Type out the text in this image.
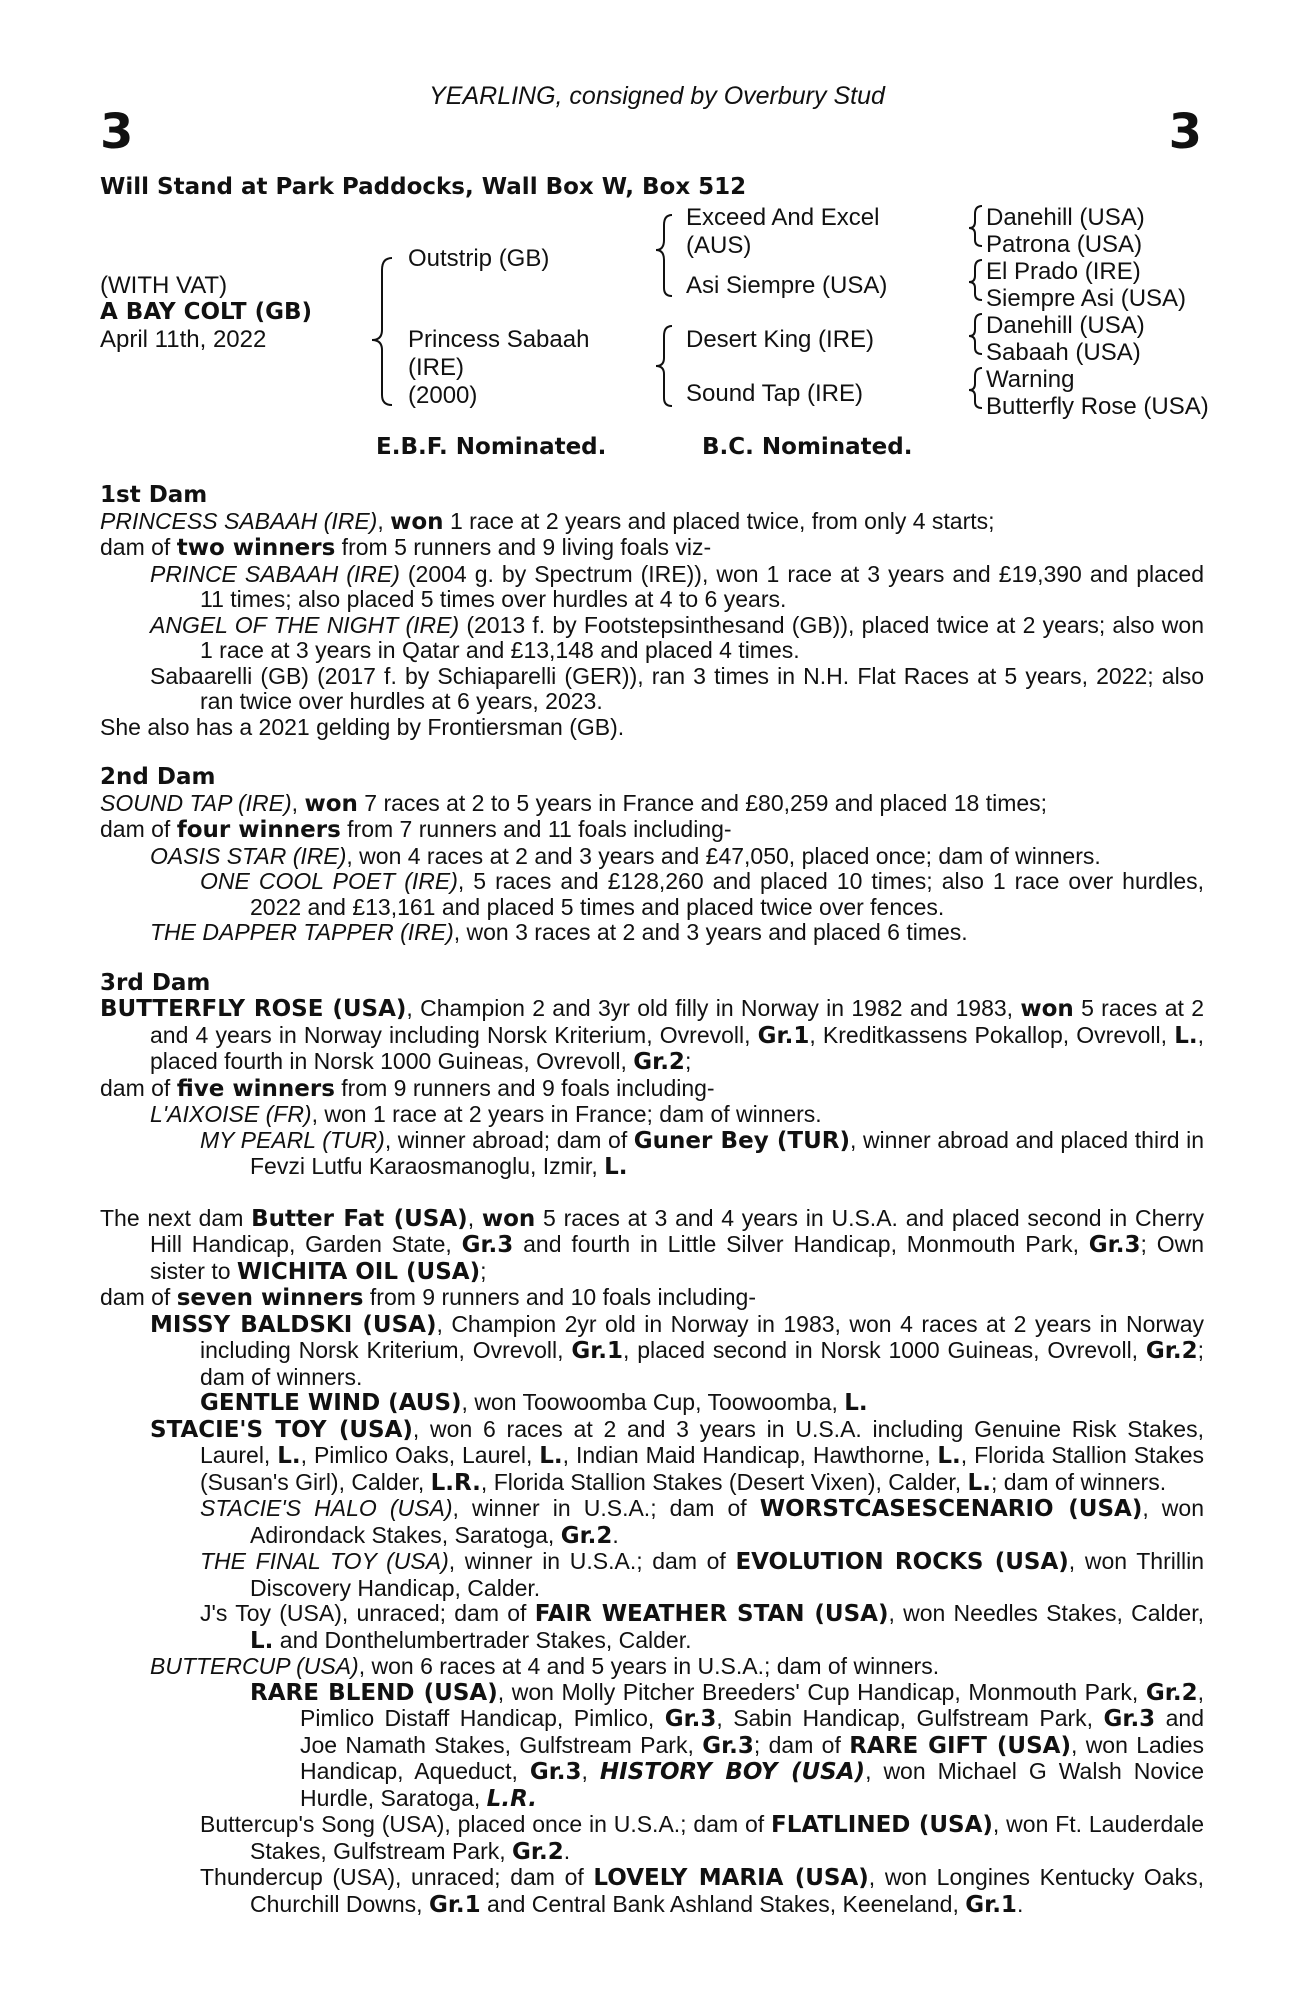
YEARLING, consigned by Overbury Stud
3	3
Will Stand at Park Paddocks, Wall Box W, Box 512
(WITH VAT)
A BAY COLT (GB)
April 11th, 2022
Outstrip (GB)
Princess Sabaah
(IRE)
(2000)
Exceed And Excel
(AUS)
Asi Siempre (USA)
Desert King (IRE)
Sound Tap (IRE)
Danehill (USA)
Patrona (USA)
El Prado (IRE)
Siempre Asi (USA)
Danehill (USA)
Sabaah (USA)
Warning
Butterfly Rose (USA)
E.B.F. Nominated.	B.C. Nominated.

1st Dam

PRINCESS SABAAH (IRE), won 1 race at 2 years and placed twice, from only 4 starts;

dam of two winners from 5 runners and 9 living foals viz-

PRINCE SABAAH (IRE) (2004 g. by Spectrum (IRE)), won 1 race at 3 years and £19,390 and placed 11 times; also placed 5 times over hurdles at 4 to 6 years.

ANGEL OF THE NIGHT (IRE) (2013 f. by Footstepsinthesand (GB)), placed twice at 2 years; also won 1 race at 3 years in Qatar and £13,148 and placed 4 times.

Sabaarelli (GB) (2017 f. by Schiaparelli (GER)), ran 3 times in N.H. Flat Races at 5 years, 2022; also ran twice over hurdles at 6 years, 2023.

She also has a 2021 gelding by Frontiersman (GB).

2nd Dam

SOUND TAP (IRE), won 7 races at 2 to 5 years in France and £80,259 and placed 18 times;

dam of four winners from 7 runners and 11 foals including-

OASIS STAR (IRE), won 4 races at 2 and 3 years and £47,050, placed once; dam of winners.

ONE COOL POET (IRE), 5 races and £128,260 and placed 10 times; also 1 race over hurdles, 2022 and £13,161 and placed 5 times and placed twice over fences.

THE DAPPER TAPPER (IRE), won 3 races at 2 and 3 years and placed 6 times.

3rd Dam

BUTTERFLY ROSE (USA), Champion 2 and 3yr old filly in Norway in 1982 and 1983, won 5 races at 2 and 4 years in Norway including Norsk Kriterium, Ovrevoll, Gr.1, Kreditkassens Pokallop, Ovrevoll, L., placed fourth in Norsk 1000 Guineas, Ovrevoll, Gr.2;

dam of five winners from 9 runners and 9 foals including-

L'AIXOISE (FR), won 1 race at 2 years in France; dam of winners.

MY PEARL (TUR), winner abroad; dam of Guner Bey (TUR), winner abroad and placed third in Fevzi Lutfu Karaosmanoglu, Izmir, L.

The next dam Butter Fat (USA), won 5 races at 3 and 4 years in U.S.A. and placed second in Cherry Hill Handicap, Garden State, Gr.3 and fourth in Little Silver Handicap, Monmouth Park, Gr.3; Own sister to WICHITA OIL (USA);

dam of seven winners from 9 runners and 10 foals including-

MISSY BALDSKI (USA), Champion 2yr old in Norway in 1983, won 4 races at 2 years in Norway including Norsk Kriterium, Ovrevoll, Gr.1, placed second in Norsk 1000 Guineas, Ovrevoll, Gr.2; dam of winners.

GENTLE WIND (AUS), won Toowoomba Cup, Toowoomba, L.

STACIE'S TOY (USA), won 6 races at 2 and 3 years in U.S.A. including Genuine Risk Stakes, Laurel, L., Pimlico Oaks, Laurel, L., Indian Maid Handicap, Hawthorne, L., Florida Stallion Stakes (Susan's Girl), Calder, L.R., Florida Stallion Stakes (Desert Vixen), Calder, L.; dam of winners.

STACIE'S HALO (USA), winner in U.S.A.; dam of WORSTCASESCENARIO (USA), won Adirondack Stakes, Saratoga, Gr.2.

THE FINAL TOY (USA), winner in U.S.A.; dam of EVOLUTION ROCKS (USA), won Thrillin Discovery Handicap, Calder.

J's Toy (USA), unraced; dam of FAIR WEATHER STAN (USA), won Needles Stakes, Calder, L. and Donthelumbertrader Stakes, Calder.

BUTTERCUP (USA), won 6 races at 4 and 5 years in U.S.A.; dam of winners.

RARE BLEND (USA), won Molly Pitcher Breeders' Cup Handicap, Monmouth Park, Gr.2, Pimlico Distaff Handicap, Pimlico, Gr.3, Sabin Handicap, Gulfstream Park, Gr.3 and Joe Namath Stakes, Gulfstream Park, Gr.3; dam of RARE GIFT (USA), won Ladies Handicap, Aqueduct, Gr.3, HISTORY BOY (USA), won Michael G Walsh Novice Hurdle, Saratoga, L.R.

Buttercup's Song (USA), placed once in U.S.A.; dam of FLATLINED (USA), won Ft. Lauderdale Stakes, Gulfstream Park, Gr.2.

Thundercup (USA), unraced; dam of LOVELY MARIA (USA), won Longines Kentucky Oaks, Churchill Downs, Gr.1 and Central Bank Ashland Stakes, Keeneland, Gr.1.
